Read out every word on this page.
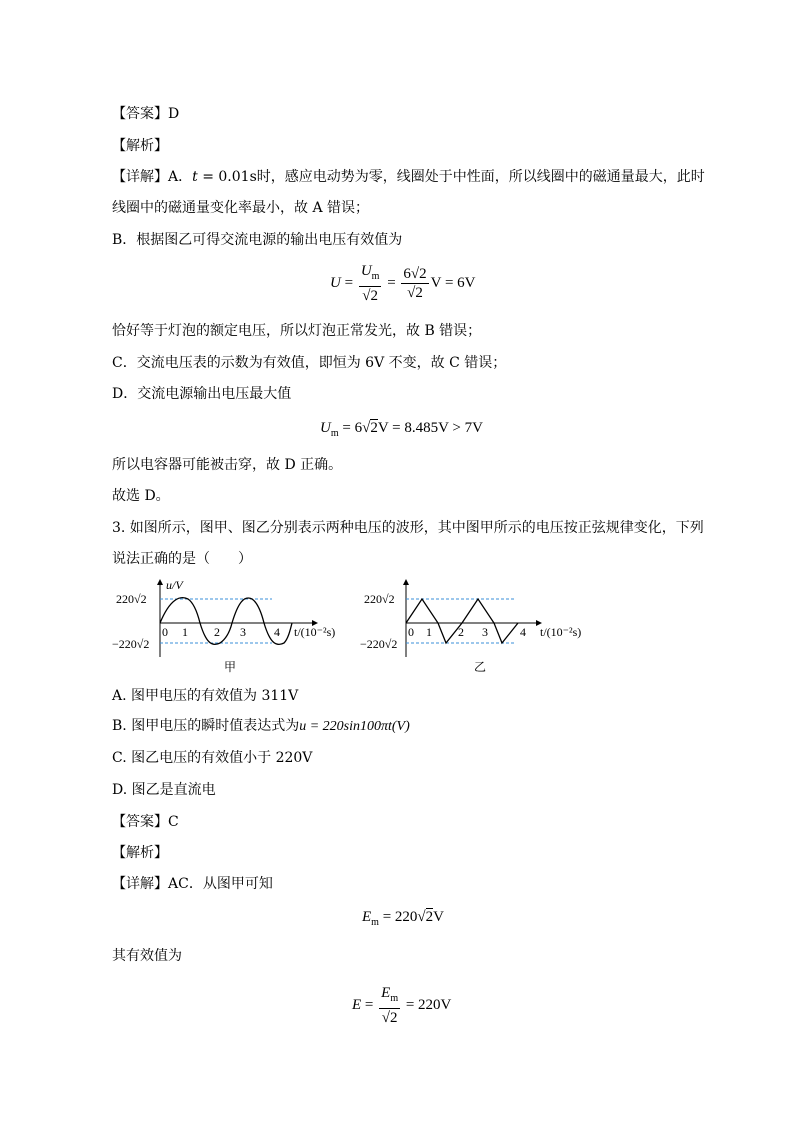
【答案】D
【解析】
【详解】A．t = 0.01s时，感应电动势为零，线圈处于中性面，所以线圈中的磁通量最大，此时
线圈中的磁通量变化率最小，故 A 错误；
B．根据图乙可得交流电源的输出电压有效值为
$U = \frac{U_m}{√2} = \frac{6√2}{√2}$ V = 6V
恰好等于灯泡的额定电压，所以灯泡正常发光，故 B 错误；
C．交流电压表的示数为有效值，即恒为 6V 不变，故 C 错误；
D．交流电源输出电压最大值
$U_m = 6√2V = 8.485V > 7V$
所以电容器可能被击穿，故 D 正确。
故选 D。
3. 如图所示，图甲、图乙分别表示两种电压的波形，其中图甲所示的电压按正弦规律变化，下列
说法正确的是（　　）
u/V
220√2
−220√2
0 1 2 3 4 t/(10⁻²s)
甲
220√2
−220√2
0 1 2 3	4 t/(10⁻²s)
乙
A. 图甲电压的有效值为 311V
B. 图甲电压的瞬时值表达式为u = 220sin100πt(V)
C. 图乙电压的有效值小于 220V
D. 图乙是直流电
【答案】C
【解析】
【详解】AC．从图甲可知
$E_m = 220√2V$
其有效值为
$E = \frac{E_m}{√2} = 220V$
